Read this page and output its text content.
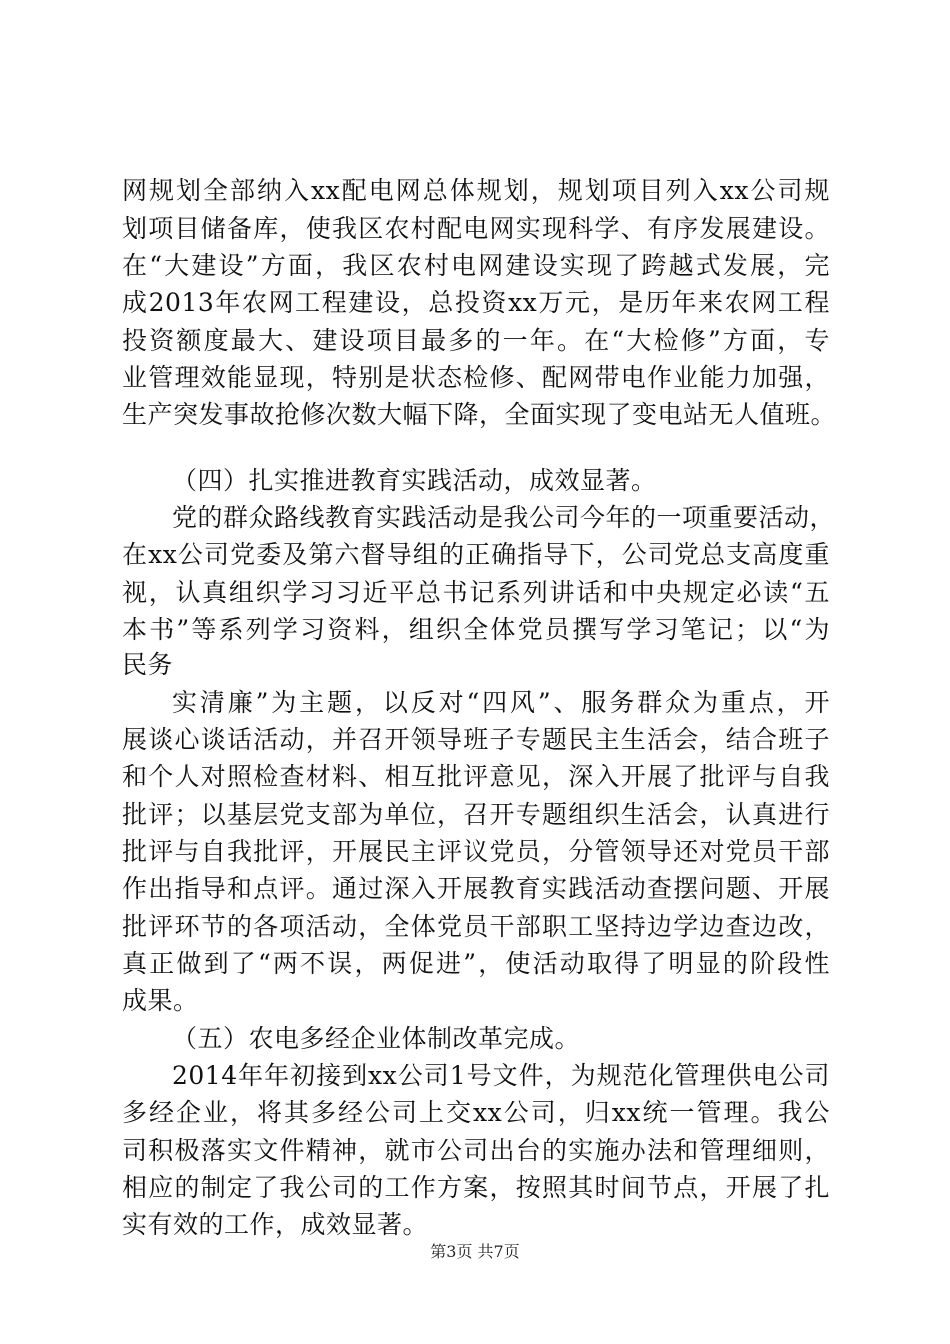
网规划全部纳入xx配电网总体规划，规划项目列入xx公司规
划项目储备库，使我区农村配电网实现科学、有序发展建设。
在“大建设”方面，我区农村电网建设实现了跨越式发展，完
成2013年农网工程建设，总投资xx万元，是历年来农网工程
投资额度最大、建设项目最多的一年。在“大检修”方面，专
业管理效能显现，特别是状态检修、配网带电作业能力加强，
生产突发事故抢修次数大幅下降，全面实现了变电站无人值班。
（四）扎实推进教育实践活动，成效显著。
党的群众路线教育实践活动是我公司今年的一项重要活动，
在xx公司党委及第六督导组的正确指导下，公司党总支高度重
视，认真组织学习习近平总书记系列讲话和中央规定必读“五
本书”等系列学习资料，组织全体党员撰写学习笔记；以“为
民务
实清廉”为主题，以反对“四风”、服务群众为重点，开
展谈心谈话活动，并召开领导班子专题民主生活会，结合班子
和个人对照检查材料、相互批评意见，深入开展了批评与自我
批评；以基层党支部为单位，召开专题组织生活会，认真进行
批评与自我批评，开展民主评议党员，分管领导还对党员干部
作出指导和点评。通过深入开展教育实践活动查摆问题、开展
批评环节的各项活动，全体党员干部职工坚持边学边查边改，
真正做到了“两不误，两促进”，使活动取得了明显的阶段性
成果。
（五）农电多经企业体制改革完成。
2014年年初接到xx公司1号文件，为规范化管理供电公司
多经企业，将其多经公司上交xx公司，归xx统一管理。我公
司积极落实文件精神，就市公司出台的实施办法和管理细则，
相应的制定了我公司的工作方案，按照其时间节点，开展了扎
实有效的工作，成效显著。
第3页 共7页
